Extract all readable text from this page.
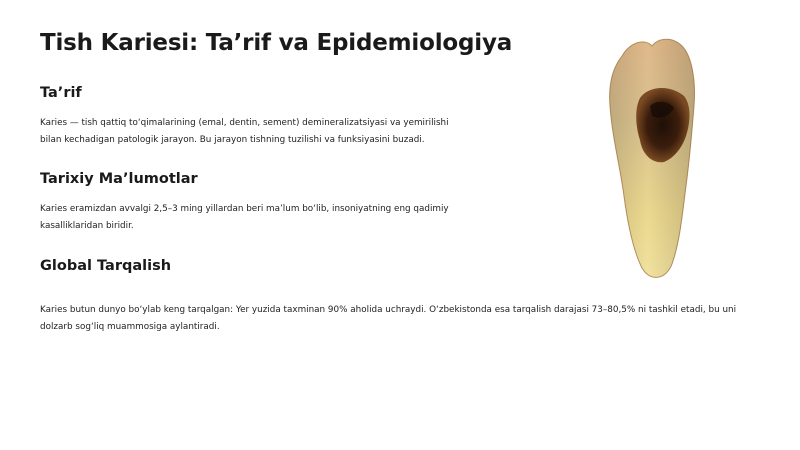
Tish Kariesi: Ta’rif va Epidemiologiya
Ta’rif

Karies — tish qattiq to‘qimalarining (emal, dentin, sement) demineralizatsiyasi va yemirilishi bilan kechadigan patologik jarayon. Bu jarayon tishning tuzilishi va funksiyasini buzadi.

Tarixiy Ma’lumotlar

Karies eramizdan avvalgi 2,5–3 ming yillardan beri ma’lum bo‘lib, insoniyatning eng qadimiy kasalliklaridan biridir.

Global Tarqalish

Karies butun dunyo bo‘ylab keng tarqalgan: Yer yuzida taxminan 90% aholida uchraydi. O‘zbekistonda esa tarqalish darajasi 73–80,5% ni tashkil etadi, bu uni dolzarb sog‘liq muammosiga aylantiradi.
